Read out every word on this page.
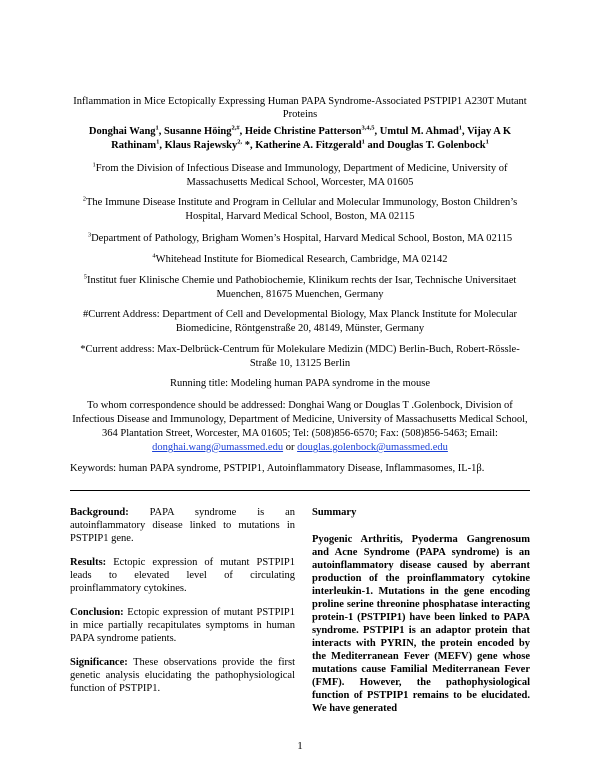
Inflammation in Mice Ectopically Expressing Human PAPA Syndrome-Associated PSTPIP1 A230T Mutant Proteins
Donghai Wang$^1$, Susanne Höing$^{2,\#}$, Heide Christine Patterson$^{3,4,5}$, Umtul M. Ahmad$^1$, Vijay A K Rathinam$^1$, Klaus Rajewsky$^{2,}$ *, Katherine A. Fitzgerald$^1$ and Douglas T. Golenbock$^1$
$^1$From the Division of Infectious Disease and Immunology, Department of Medicine, University of Massachusetts Medical School, Worcester, MA 01605
$^2$The Immune Disease Institute and Program in Cellular and Molecular Immunology, Boston Children’s Hospital, Harvard Medical School, Boston, MA 02115
$^3$Department of Pathology, Brigham Women’s Hospital, Harvard Medical School, Boston, MA 02115
$^4$Whitehead Institute for Biomedical Research, Cambridge, MA 02142
$^5$Institut fuer Klinische Chemie und Pathobiochemie, Klinikum rechts der Isar, Technische Universitaet Muenchen, 81675 Muenchen, Germany
#Current Address: Department of Cell and Developmental Biology, Max Planck Institute for Molecular Biomedicine, Röntgenstraße 20, 48149, Münster, Germany
*Current address: Max-Delbrück-Centrum für Molekulare Medizin (MDC) Berlin-Buch, Robert-Rössle-Straße 10, 13125 Berlin
Running title: Modeling human PAPA syndrome in the mouse
To whom correspondence should be addressed: Donghai Wang or Douglas T .Golenbock, Division of Infectious Disease and Immunology, Department of Medicine, University of Massachusetts Medical School, 364 Plantation Street, Worcester, MA 01605; Tel: (508)856-6570; Fax: (508)856-5463; Email: donghai.wang@umassmed.edu or douglas.golenbock@umassmed.edu
Keywords: human PAPA syndrome, PSTPIP1, Autoinflammatory Disease, Inflammasomes, IL-1β.

Background: PAPA syndrome is an autoinflammatory disease linked to mutations in PSTPIP1 gene.

Results: Ectopic expression of mutant PSTPIP1 leads to elevated level of circulating proinflammatory cytokines.

Conclusion: Ectopic expression of mutant PSTPIP1 in mice partially recapitulates symptoms in human PAPA syndrome patients.

Significance: These observations provide the first genetic analysis elucidating the pathophysiological function of PSTPIP1.

Summary

Pyogenic Arthritis, Pyoderma Gangrenosum and Acne Syndrome (PAPA syndrome) is an autoinflammatory disease caused by aberrant production of the proinflammatory cytokine interleukin-1. Mutations in the gene encoding proline serine threonine phosphatase interacting protein-1 (PSTPIP1) have been linked to PAPA syndrome. PSTPIP1 is an adaptor protein that interacts with PYRIN, the protein encoded by the Mediterranean Fever (MEFV) gene whose mutations cause Familial Mediterranean Fever (FMF). However, the pathophysiological function of PSTPIP1 remains to be elucidated. We have generated

1
